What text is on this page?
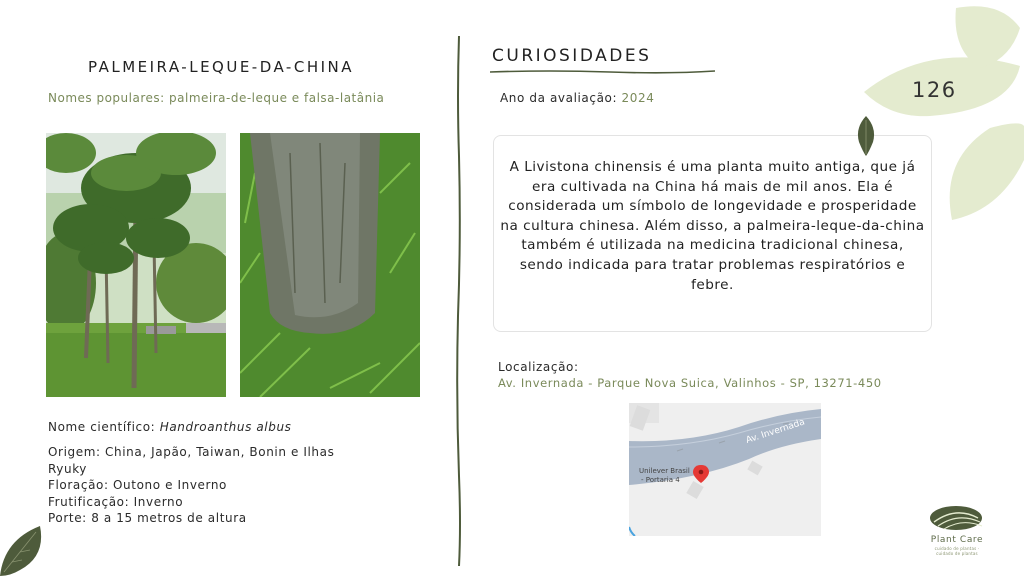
PALMEIRA-LEQUE-DA-CHINA
Nomes populares: palmeira-de-leque e falsa-latânia
Nome científico: Handroanthus albus
Origem: China, Japão, Taiwan, Bonin e Ilhas Ryuky
Floração: Outono e Inverno
Frutificação: Inverno
Porte: 8 a 15 metros de altura
CURIOSIDADES
Ano da avaliação: 2024
A Livistona chinensis é uma planta muito antiga, que já era cultivada na China há mais de mil anos. Ela é considerada um símbolo de longevidade e prosperidade na cultura chinesa. Além disso, a palmeira-leque-da-china também é utilizada na medicina tradicional chinesa, sendo indicada para tratar problemas respiratórios e febre.
Localização:
Av. Invernada - Parque Nova Suica, Valinhos - SP, 13271-450
Av. Invernada
Unilever Brasil
- Portaria 4
126
Plant Care
cuidado de plantas · cuidado de plantas
